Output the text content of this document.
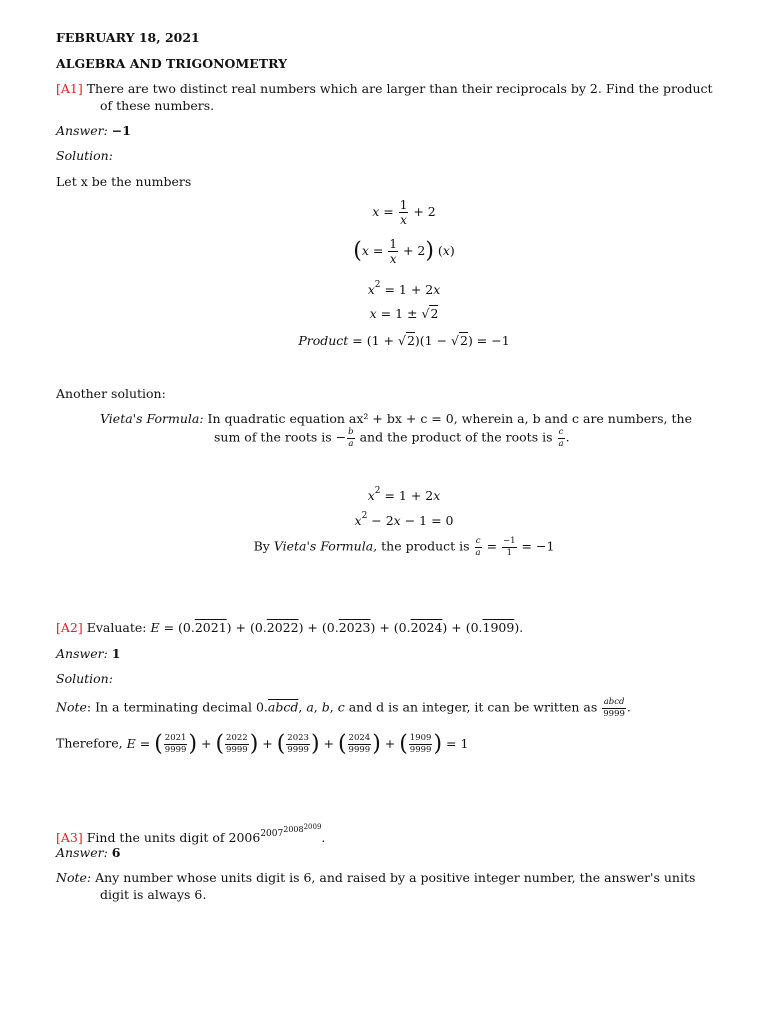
FEBRUARY 18, 2021
ALGEBRA AND TRIGONOMETRY
[A1] There are two distinct real numbers which are larger than their reciprocals by 2. Find the product
of these numbers.
Answer: −1
Solution:
Let x be the numbers
$x = \frac{1}{x} + 2$
$(x = \frac{1}{x} + 2)$ (x)
$x^2 = 1 + 2x$
x = 1 ± √2
Product = (1 + √2)(1 − √2) = −1
Another solution:
Vieta's Formula: In quadratic equation ax² + bx + c = 0, wherein a, b and c are numbers, the
sum of the roots is − $\frac{b}{a}$ and the product of the roots is $\frac{c}{a}$ .
$x^2 = 1 + 2x$
$x^2 - 2x - 1 = 0$
By Vieta's Formula, the product is $\frac{c}{a} = \frac{-1}{1} = -1$
[A2] Evaluate: E = (0.2021) + (0.2022) + (0.2023) + (0.2024) + (0.1909).
Answer: 1
Solution:
Note: In a terminating decimal 0.abcd, a, b, c and d is an integer, it can be written as $\frac{\text{abcd}}{9999}$ .
Therefore, E = ( $\frac{2021}{9999}$ ) + ( $\frac{2022}{9999}$ ) + ( $\frac{2023}{9999}$ ) + ( $\frac{2024}{9999}$ ) + ( $\frac{1909}{9999}$ ) = 1
[A3] Find the units digit of $2006^{200720082009}$.
Answer: 6
Note: Any number whose units digit is 6, and raised by a positive integer number, the answer's units
digit is always 6.
